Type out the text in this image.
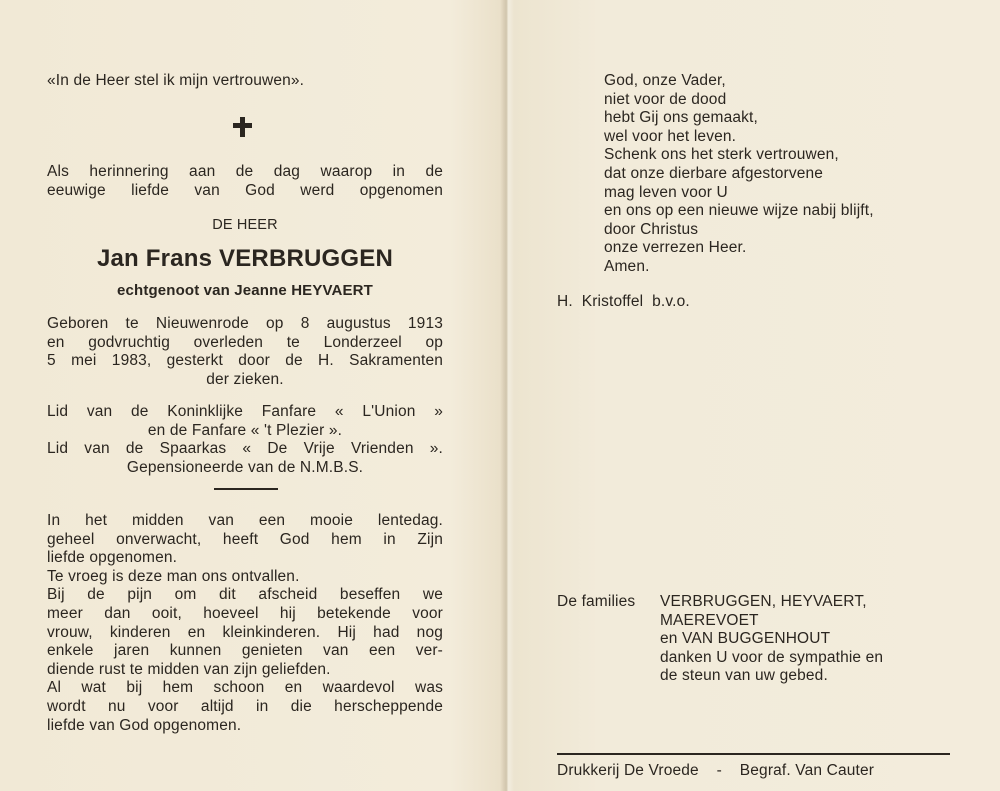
«In de Heer stel ik mijn vertrouwen».
Als herinnering aan de dag waarop in de
eeuwige liefde van God werd opgenomen
DE HEER
Jan Frans VERBRUGGEN
echtgenoot van Jeanne HEYVAERT
Geboren te Nieuwenrode op 8 augustus 1913
en godvruchtig overleden te Londerzeel op
5 mei 1983, gesterkt door de H. Sakramenten
der zieken.
Lid van de Koninklijke Fanfare « L'Union »
en de Fanfare « 't Plezier ».
Lid van de Spaarkas « De Vrije Vrienden ».
Gepensioneerde van de N.M.B.S.
In het midden van een mooie lentedag.
geheel onverwacht, heeft God hem in Zijn
liefde opgenomen.
Te vroeg is deze man ons ontvallen.
Bij de pijn om dit afscheid beseffen we
meer dan ooit, hoeveel hij betekende voor
vrouw, kinderen en kleinkinderen. Hij had nog
enkele jaren kunnen genieten van een ver-
diende rust te midden van zijn geliefden.
Al wat bij hem schoon en waardevol was
wordt nu voor altijd in die herscheppende
liefde van God opgenomen.
God, onze Vader,
niet voor de dood
hebt Gij ons gemaakt,
wel voor het leven.
Schenk ons het sterk vertrouwen,
dat onze dierbare afgestorvene
mag leven voor U
en ons op een nieuwe wijze nabij blijft,
door Christus
onze verrezen Heer.
Amen.
H.  Kristoffel  b.v.o.
De families VERBRUGGEN, HEYVAERT,
MAEREVOET
en VAN BUGGENHOUT
danken U voor de sympathie en
de steun van uw gebed.
Drukkerij De Vroede    -    Begraf. Van Cauter
